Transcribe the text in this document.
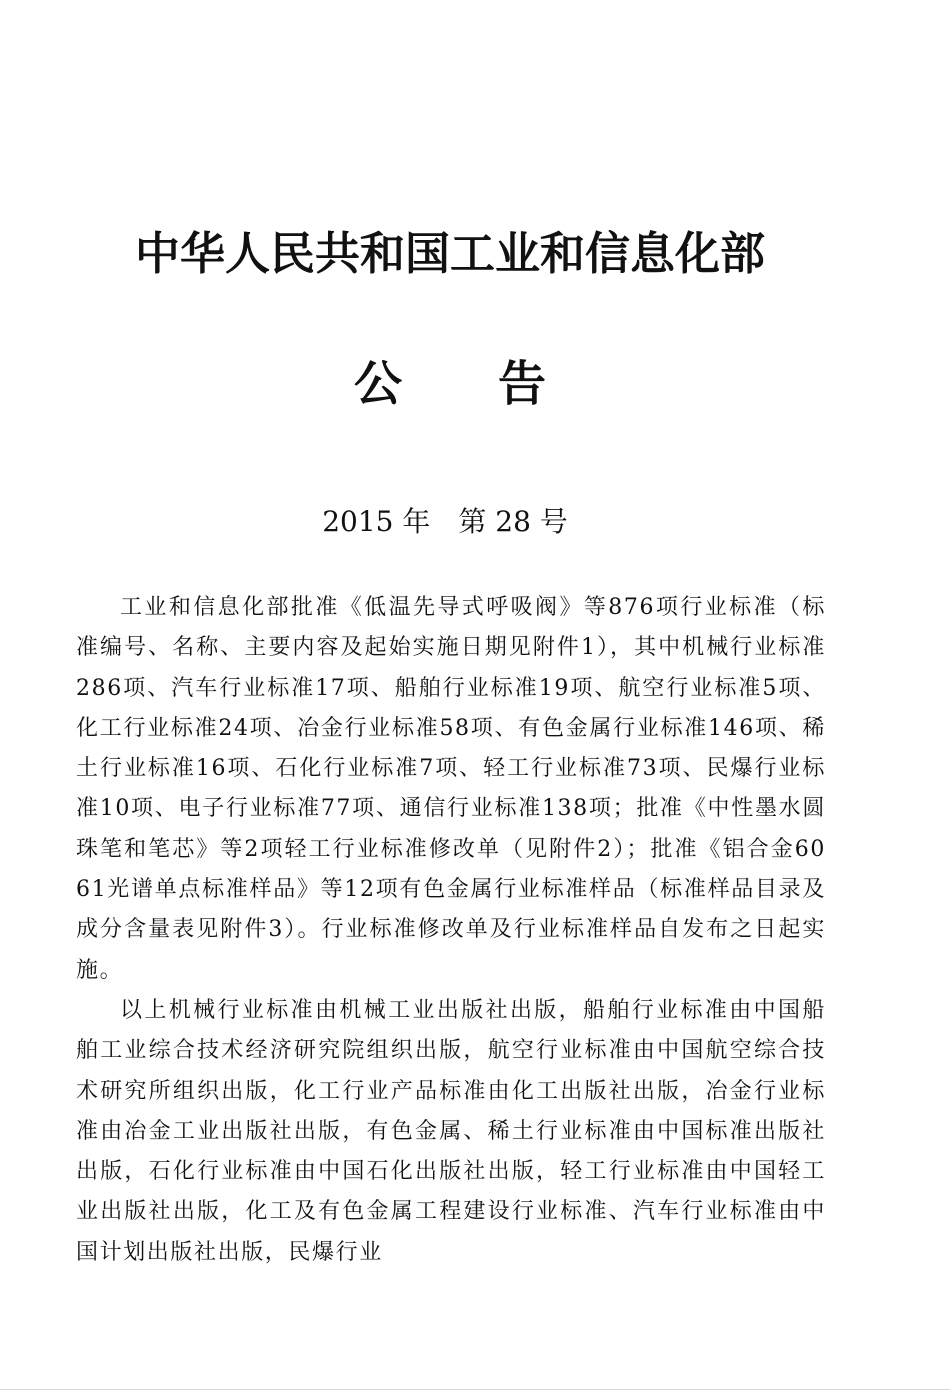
中华人民共和国工业和信息化部
公　　告
2015 年　第 28 号

工业和信息化部批准《低温先导式呼吸阀》等876项行业标准（标准编号、名称、主要内容及起始实施日期见附件1），其中机械行业标准286项、汽车行业标准17项、船舶行业标准19项、航空行业标准5项、化工行业标准24项、冶金行业标准58项、有色金属行业标准146项、稀土行业标准16项、石化行业标准7项、轻工行业标准73项、民爆行业标准10项、电子行业标准77项、通信行业标准138项；批准《中性墨水圆珠笔和笔芯》等2项轻工行业标准修改单（见附件2）；批准《铝合金6061光谱单点标准样品》等12项有色金属行业标准样品（标准样品目录及成分含量表见附件3）。行业标准修改单及行业标准样品自发布之日起实施。

以上机械行业标准由机械工业出版社出版，船舶行业标准由中国船舶工业综合技术经济研究院组织出版，航空行业标准由中国航空综合技术研究所组织出版，化工行业产品标准由化工出版社出版，冶金行业标准由冶金工业出版社出版，有色金属、稀土行业标准由中国标准出版社出版，石化行业标准由中国石化出版社出版，轻工行业标准由中国轻工业出版社出版，化工及有色金属工程建设行业标准、汽车行业标准由中国计划出版社出版，民爆行业
